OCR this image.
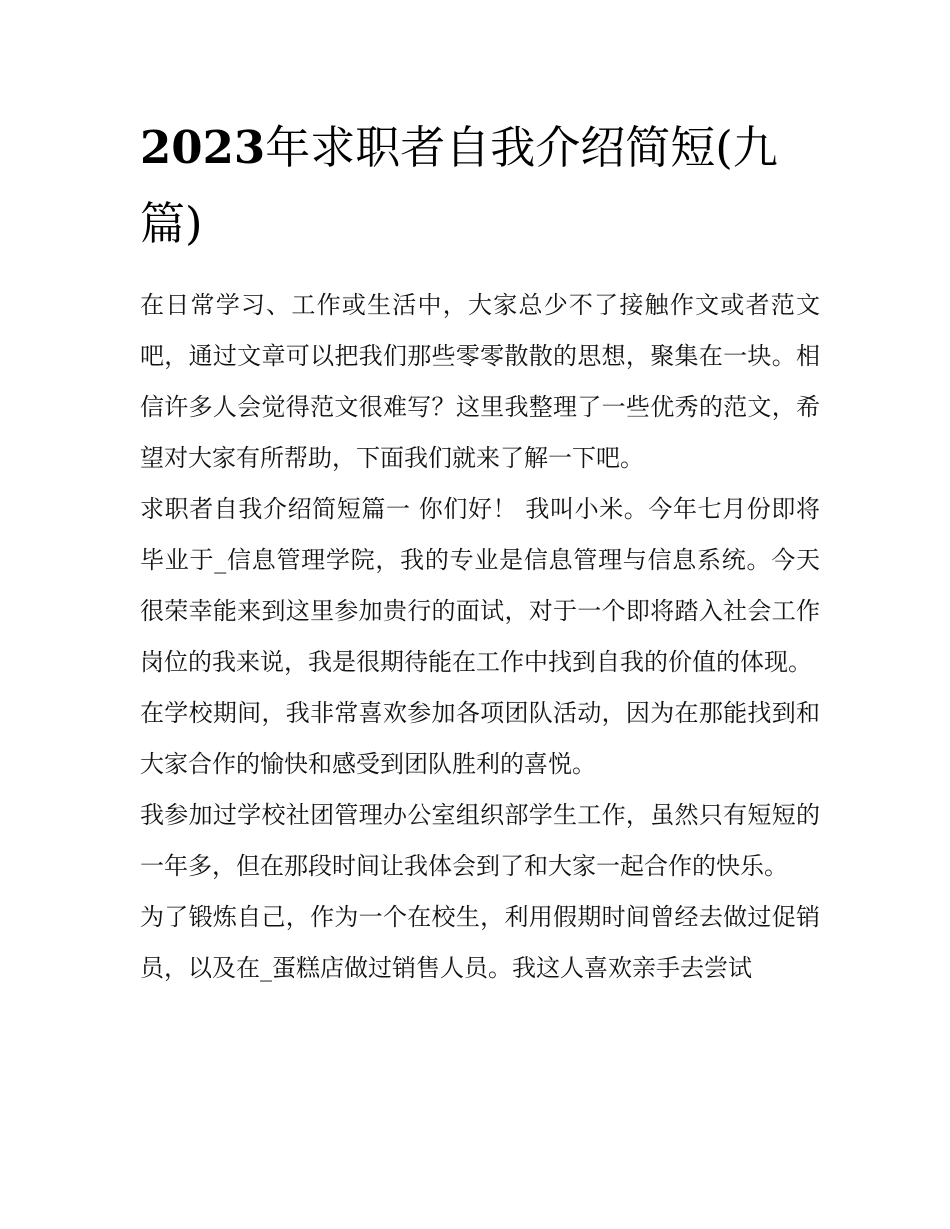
2023年求职者自我介绍简短(九篇)

在日常学习、工作或生活中，大家总少不了接触作文或者范文吧，通过文章可以把我们那些零零散散的思想，聚集在一块。相信许多人会觉得范文很难写？这里我整理了一些优秀的范文，希望对大家有所帮助，下面我们就来了解一下吧。

求职者自我介绍简短篇一 你们好！ 我叫小米。今年七月份即将毕业于_信息管理学院，我的专业是信息管理与信息系统。今天很荣幸能来到这里参加贵行的面试，对于一个即将踏入社会工作岗位的我来说，我是很期待能在工作中找到自我的价值的体现。

在学校期间，我非常喜欢参加各项团队活动，因为在那能找到和大家合作的愉快和感受到团队胜利的喜悦。

我参加过学校社团管理办公室组织部学生工作，虽然只有短短的一年多，但在那段时间让我体会到了和大家一起合作的快乐。

为了锻炼自己，作为一个在校生，利用假期时间曾经去做过促销员，以及在_蛋糕店做过销售人员。我这人喜欢亲手去尝试
